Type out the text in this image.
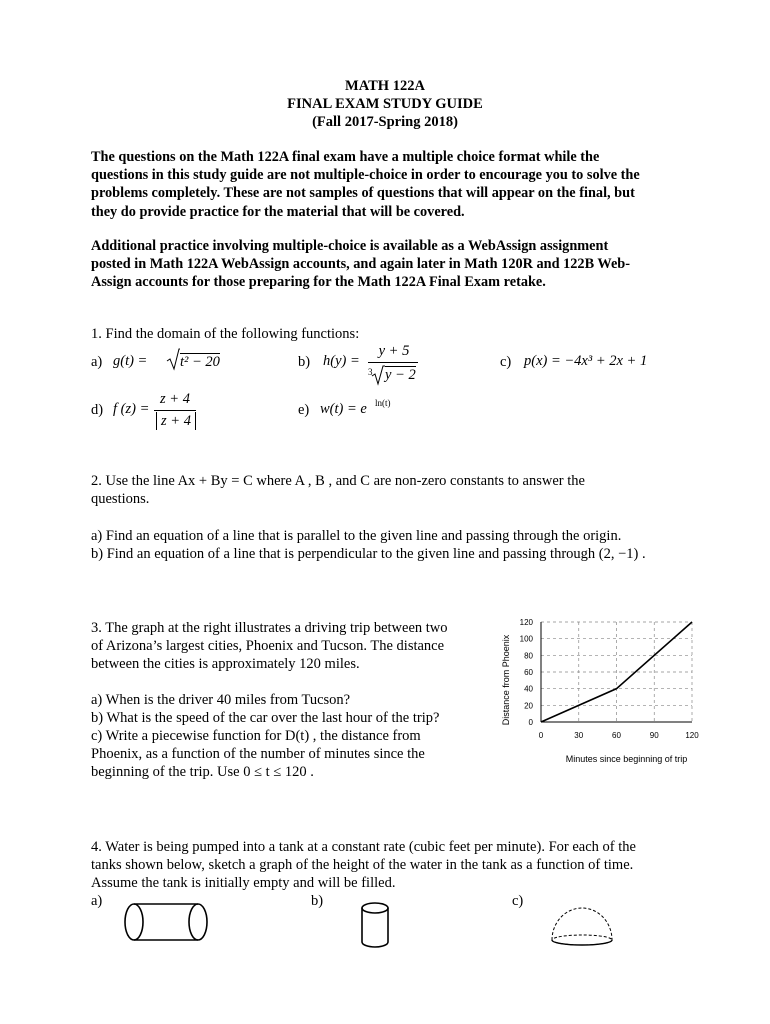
MATH 122A
FINAL EXAM STUDY GUIDE
(Fall 2017-Spring 2018)
The questions on the Math 122A final exam have a multiple choice format while the
questions in this study guide are not multiple-choice in order to encourage you to solve the
problems completely. These are not samples of questions that will appear on the final, but
they do provide practice for the material that will be covered.
Additional practice involving multiple-choice is available as a WebAssign assignment
posted in Math 122A WebAssign accounts, and again later in Math 120R and 122B Web-
Assign accounts for those preparing for the Math 122A Final Exam retake.
1. Find the domain of the following functions:
a) g(t) = t² − 20	b) h(y) =
y + 5
3 y − 2
c) p(x) = −4x³ + 2x + 1
d) f (z) =
z + 4
z + 4
e) w(t) = e ln(t)
2. Use the line Ax + By = C where A , B , and C are non-zero constants to answer the
questions.
a) Find an equation of a line that is parallel to the given line and passing through the origin.
b) Find an equation of a line that is perpendicular to the given line and passing through (2, −1) .
3. The graph at the right illustrates a driving trip between two
of Arizona’s largest cities, Phoenix and Tucson. The distance
between the cities is approximately 120 miles.
a) When is the driver 40 miles from Tucson?
b) What is the speed of the car over the last hour of the trip?
c) Write a piecewise function for D(t) , the distance from
Phoenix, as a function of the number of minutes since the
beginning of the trip. Use 0 ≤ t ≤ 120 .
0
20
40
60
80
100
120
0	30	60	90	120
Minutes since beginning of trip
Distance from Phoenix
4. Water is being pumped into a tank at a constant rate (cubic feet per minute). For each of the
tanks shown below, sketch a graph of the height of the water in the tank as a function of time.
Assume the tank is initially empty and will be filled.
a)	b)	c)
